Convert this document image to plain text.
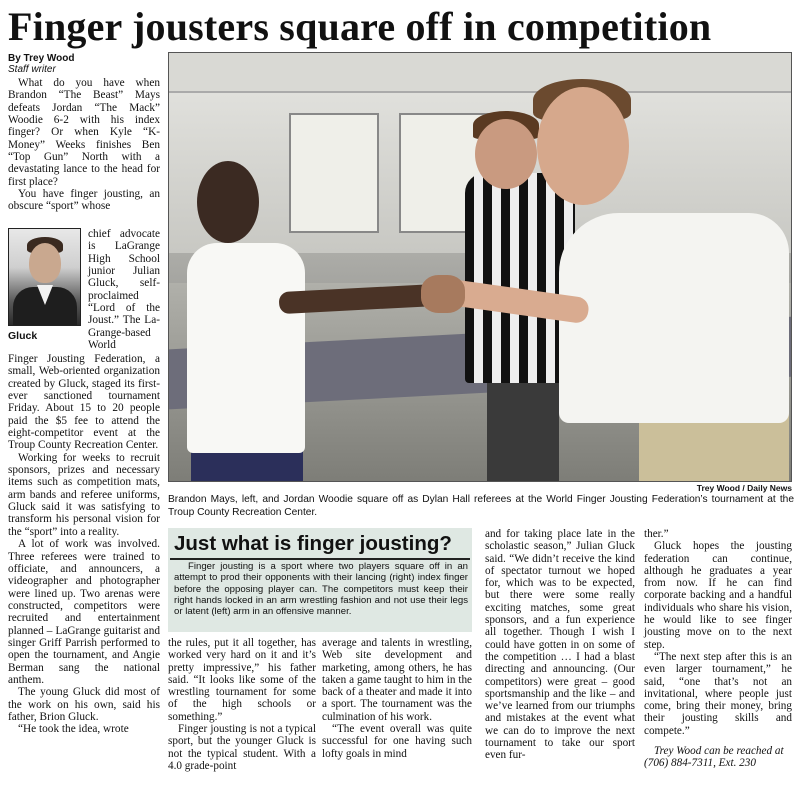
Finger jousters square off in competition
By Trey Wood
Staff writer

What do you have when Brandon “The Beast” Mays defeats Jordan “The Mack” Woodie 6-2 with his index finger? Or when Kyle “K-Money” Weeks finishes Ben “Top Gun” North with a devastating lance to the head for first place?

You have finger jousting, an obscure “sport” whose

Gluck
chief advocate is LaGrange High School junior Julian Gluck, self-proclaimed “Lord of the Joust.” The La-Grange-based World

Finger Jousting Federation, a small, Web-oriented organization created by Gluck, staged its first-ever sanctioned tournament Friday. About 15 to 20 people paid the $5 fee to attend the eight-competitor event at the Troup County Recreation Center.

Working for weeks to recruit sponsors, prizes and necessary items such as competition mats, arm bands and referee uniforms, Gluck said it was satisfying to transform his personal vision for the “sport” into a reality.

A lot of work was involved. Three referees were trained to officiate, and announcers, a videographer and photographer were lined up. Two arenas were constructed, competitors were recruited and entertainment planned – LaGrange guitarist and singer Griff Parrish performed to open the tournament, and Angie Berman sang the national anthem.

The young Gluck did most of the work on his own, said his father, Brion Gluck.

“He took the idea, wrote

Trey Wood / Daily News
Brandon Mays, left, and Jordan Woodie square off as Dylan Hall referees at the World Finger Jousting Federation’s tournament at the Troup County Recreation Center.
Just what is finger jousting?

Finger jousting is a sport where two players square off in an attempt to prod their opponents with their lancing (right) index finger before the opposing player can. The competitors must keep their right hands locked in an arm wrestling fashion and not use their legs or latent (left) arm in an offensive manner.

the rules, put it all together, has worked very hard on it and it’s pretty impressive,” his father said. “It looks like some of the wrestling tournament for some of the high schools or something.”

Finger jousting is not a typical sport, but the younger Gluck is not the typical student. With a 4.0 grade-point

average and talents in wrestling, Web site development and marketing, among others, he has taken a game taught to him in the back of a theater and made it into a sport. The tournament was the culmination of his work.

“The event overall was quite successful for one having such lofty goals in mind

and for taking place late in the scholastic season,” Julian Gluck said. “We didn’t receive the kind of spectator turnout we hoped for, which was to be expected, but there were some really exciting matches, some great sponsors, and a fun experience all together. Though I wish I could have gotten in on some of the competition … I had a blast directing and announcing. (Our competitors) were great – good sportsmanship and the like – and we’ve learned from our triumphs and mistakes at the event what we can do to improve the next tournament to take our sport even fur-

ther.”

Gluck hopes the jousting federation can continue, although he graduates a year from now. If he can find corporate backing and a handful individuals who share his vision, he would like to see finger jousting move on to the next step.

“The next step after this is an even larger tournament,” he said, “one that’s not an invitational, where people just come, bring their money, bring their jousting skills and compete.”

Trey Wood can be reached at (706) 884-7311, Ext. 230
